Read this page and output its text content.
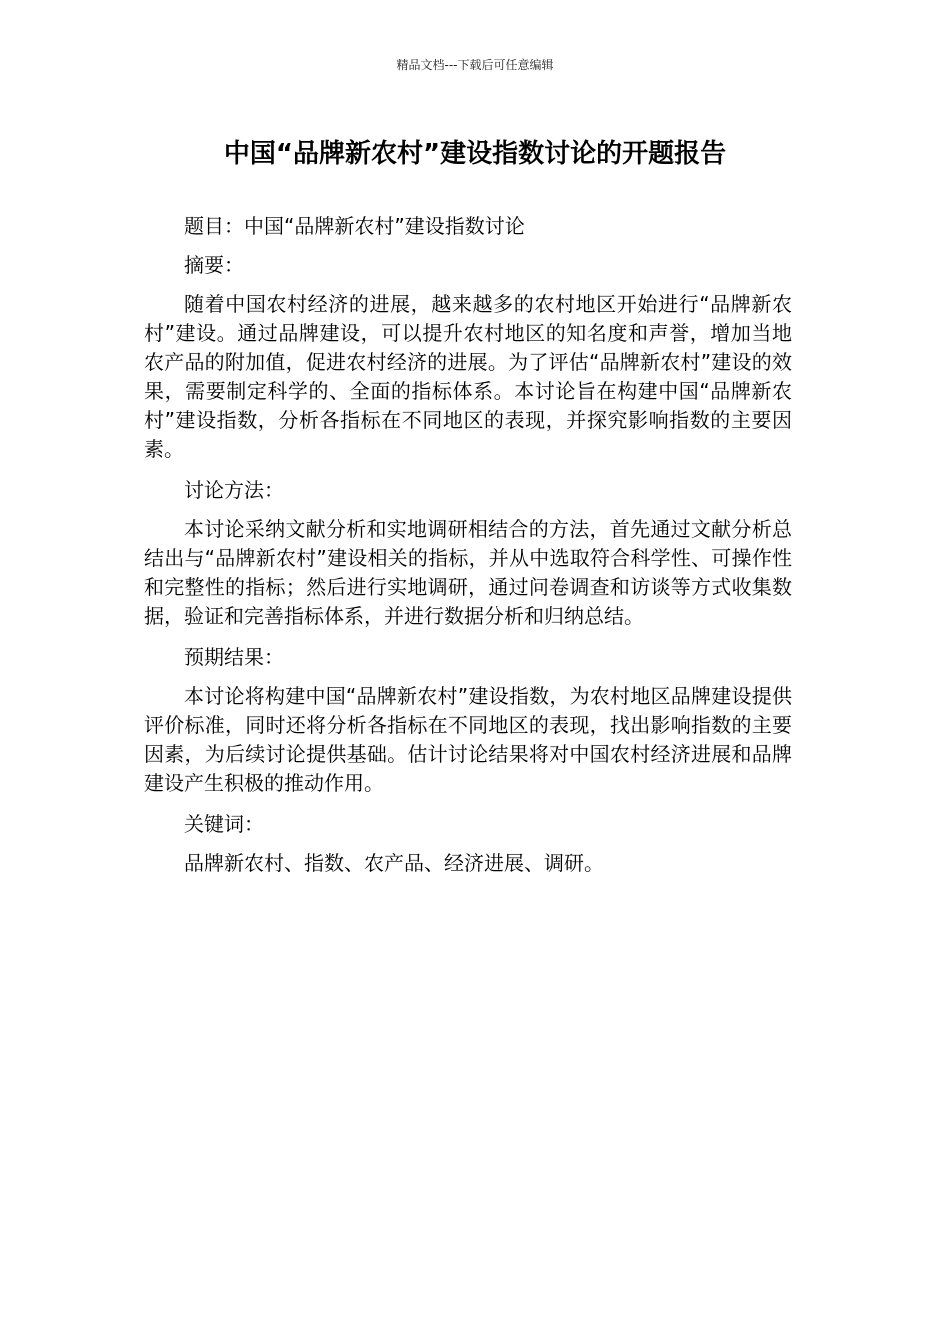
精品文档---下载后可任意编辑
中国“品牌新农村”建设指数讨论的开题报告

题目：中国“品牌新农村”建设指数讨论

摘要：

随着中国农村经济的进展，越来越多的农村地区开始进行“品牌新农村”建设。通过品牌建设，可以提升农村地区的知名度和声誉，增加当地农产品的附加值，促进农村经济的进展。为了评估“品牌新农村”建设的效果，需要制定科学的、全面的指标体系。本讨论旨在构建中国“品牌新农村”建设指数，分析各指标在不同地区的表现，并探究影响指数的主要因素。

讨论方法：

本讨论采纳文献分析和实地调研相结合的方法，首先通过文献分析总结出与“品牌新农村”建设相关的指标，并从中选取符合科学性、可操作性和完整性的指标；然后进行实地调研，通过问卷调查和访谈等方式收集数据，验证和完善指标体系，并进行数据分析和归纳总结。

预期结果：

本讨论将构建中国“品牌新农村”建设指数，为农村地区品牌建设提供评价标准，同时还将分析各指标在不同地区的表现，找出影响指数的主要因素，为后续讨论提供基础。估计讨论结果将对中国农村经济进展和品牌建设产生积极的推动作用。

关键词：

品牌新农村、指数、农产品、经济进展、调研。
